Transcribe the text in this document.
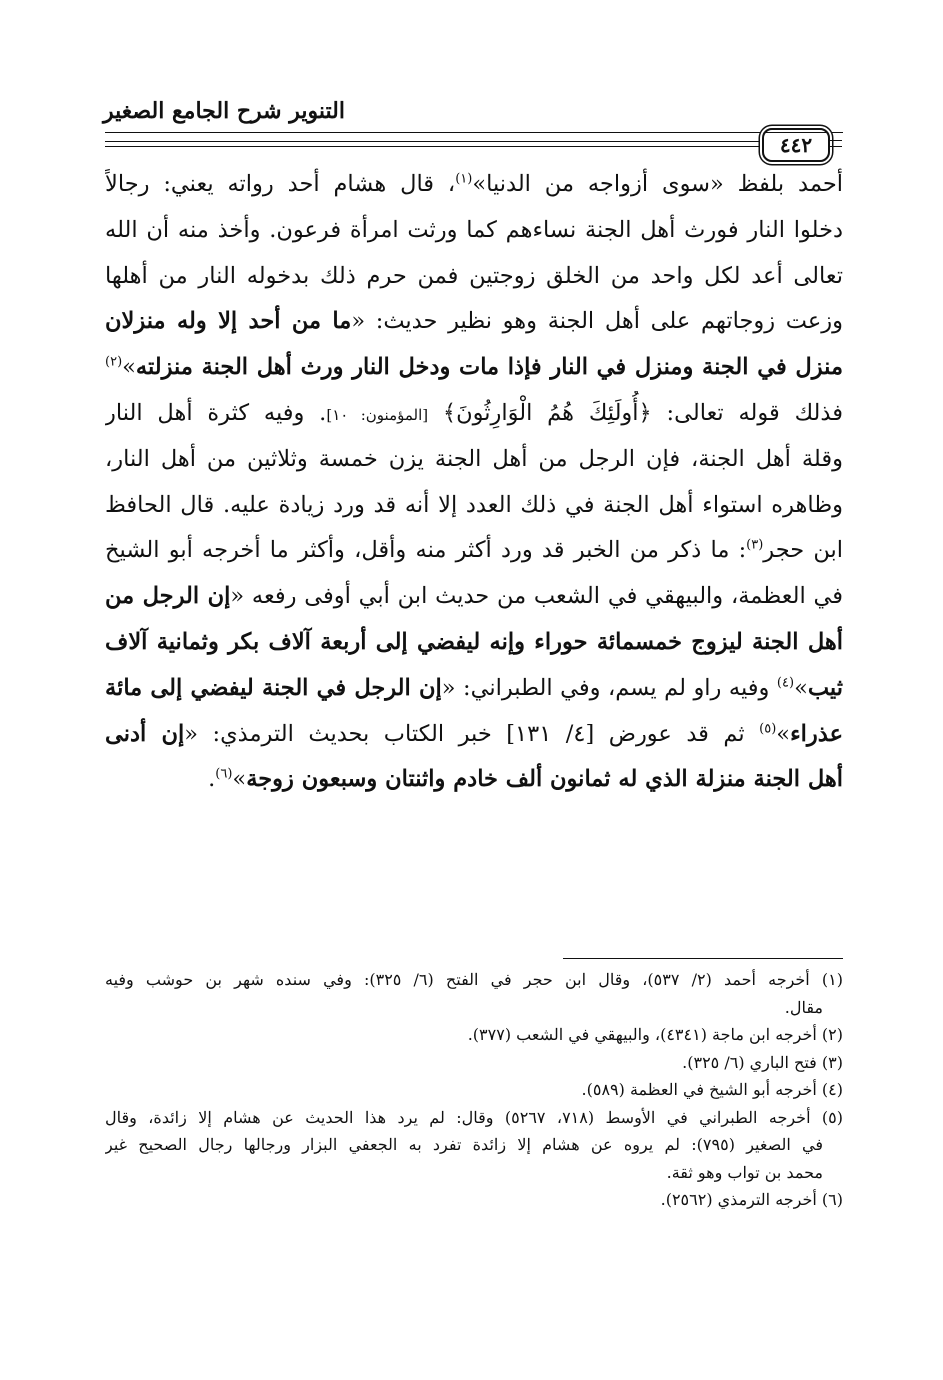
التنوير شرح الجامع الصغير
٤٤٢
أحمد بلفظ «سوى أزواجه من الدنيا»$^{(١)}$، قال هشام أحد رواته يعني: رجالاً
دخلوا النار فورث أهل الجنة نساءهم كما ورثت امرأة فرعون. وأخذ منه أن الله
تعالى أعد لكل واحد من الخلق زوجتين فمن حرم ذلك بدخوله النار من أهلها
وزعت زوجاتهم على أهل الجنة وهو نظير حديث: «ما من أحد إلا وله منزلان
منزل في الجنة ومنزل في النار فإذا مات ودخل النار ورث أهل الجنة منزلته»$^{(٢)}$
فذلك قوله تعالى: ﴿أُولَئِكَ هُمُ الْوَارِثُونَ﴾ [المؤمنون: ١٠]. وفيه كثرة أهل النار
وقلة أهل الجنة، فإن الرجل من أهل الجنة يزن خمسة وثلاثين من أهل النار،
وظاهره استواء أهل الجنة في ذلك العدد إلا أنه قد ورد زيادة عليه. قال الحافظ
ابن حجر$^{(٣)}$: ما ذكر من الخبر قد ورد أكثر منه وأقل، وأكثر ما أخرجه أبو الشيخ
في العظمة، والبيهقي في الشعب من حديث ابن أبي أوفى رفعه «إن الرجل من
أهل الجنة ليزوج خمسمائة حوراء وإنه ليفضي إلى أربعة آلاف بكر وثمانية آلاف
ثيب»$^{(٤)}$ وفيه راو لم يسم، وفي الطبراني: «إن الرجل في الجنة ليفضي إلى مائة
عذراء»$^{(٥)}$ ثم قد عورض [٤/ ١٣١] خبر الكتاب بحديث الترمذي: «إن أدنى
أهل الجنة منزلة الذي له ثمانون ألف خادم واثنتان وسبعون زوجة»$^{(٦)}$.
(١) أخرجه أحمد (٢/ ٥٣٧)، وقال ابن حجر في الفتح (٦/ ٣٢٥): وفي سنده شهر بن حوشب وفيه
مقال.
(٢) أخرجه ابن ماجة (٤٣٤١)، والبيهقي في الشعب (٣٧٧).
(٣) فتح الباري (٦/ ٣٢٥).
(٤) أخرجه أبو الشيخ في العظمة (٥٨٩).
(٥) أخرجه الطبراني في الأوسط (٧١٨، ٥٢٦٧) وقال: لم يرد هذا الحديث عن هشام إلا زائدة، وقال
في الصغير (٧٩٥): لم يروه عن هشام إلا زائدة تفرد به الجعفي البزار ورجالها رجال الصحيح غير
محمد بن تواب وهو ثقة.
(٦) أخرجه الترمذي (٢٥٦٢).
